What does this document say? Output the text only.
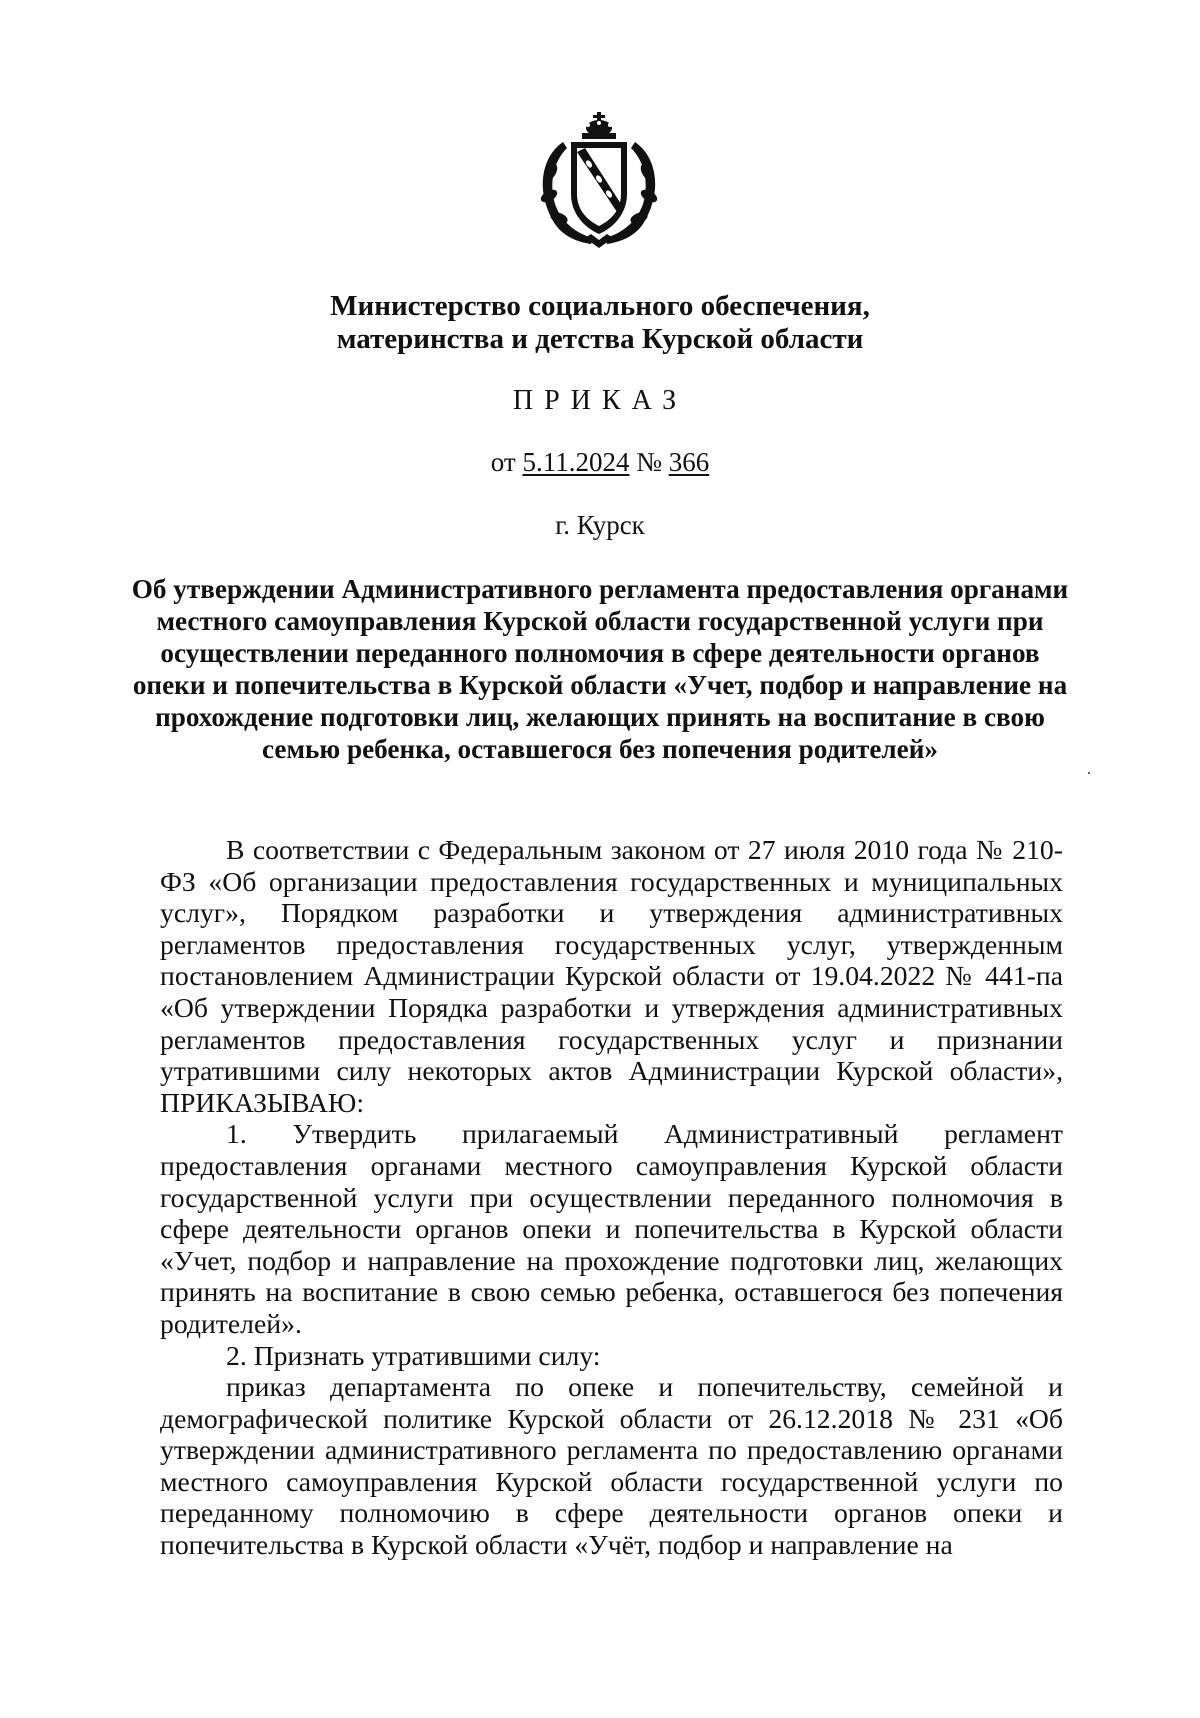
Министерство социального обеспечения,
материнства и детства Курской области
ПРИКАЗ
от 5.11.2024 № 366
г. Курск
Об утверждении Административного регламента предоставления органами местного самоуправления Курской области государственной услуги при осуществлении переданного полномочия в сфере деятельности органов опеки и попечительства в Курской области «Учет, подбор и направление на прохождение подготовки лиц, желающих принять на воспитание в свою семью ребенка, оставшегося без попечения родителей»

В соответствии с Федеральным законом от 27 июля 2010 года № 210-ФЗ «Об организации предоставления государственных и муниципальных услуг», Порядком разработки и утверждения административных регламентов предоставления государственных услуг, утвержденным постановлением Администрации Курской области от 19.04.2022 № 441-па «Об утверждении Порядка разработки и утверждения административных регламентов предоставления государственных услуг и признании утратившими силу некоторых актов Администрации Курской области», ПРИКАЗЫВАЮ:

1. Утвердить прилагаемый Административный регламент предоставления органами местного самоуправления Курской области государственной услуги при осуществлении переданного полномочия в сфере деятельности органов опеки и попечительства в Курской области «Учет, подбор и направление на прохождение подготовки лиц, желающих принять на воспитание в свою семью ребенка, оставшегося без попечения родителей».

2. Признать утратившими силу:

приказ департамента по опеке и попечительству, семейной и демографической политике Курской области от 26.12.2018 № 231 «Об утверждении административного регламента по предоставлению органами местного самоуправления Курской области государственной услуги по переданному полномочию в сфере деятельности органов опеки и попечительства в Курской области «Учёт, подбор и направление на
